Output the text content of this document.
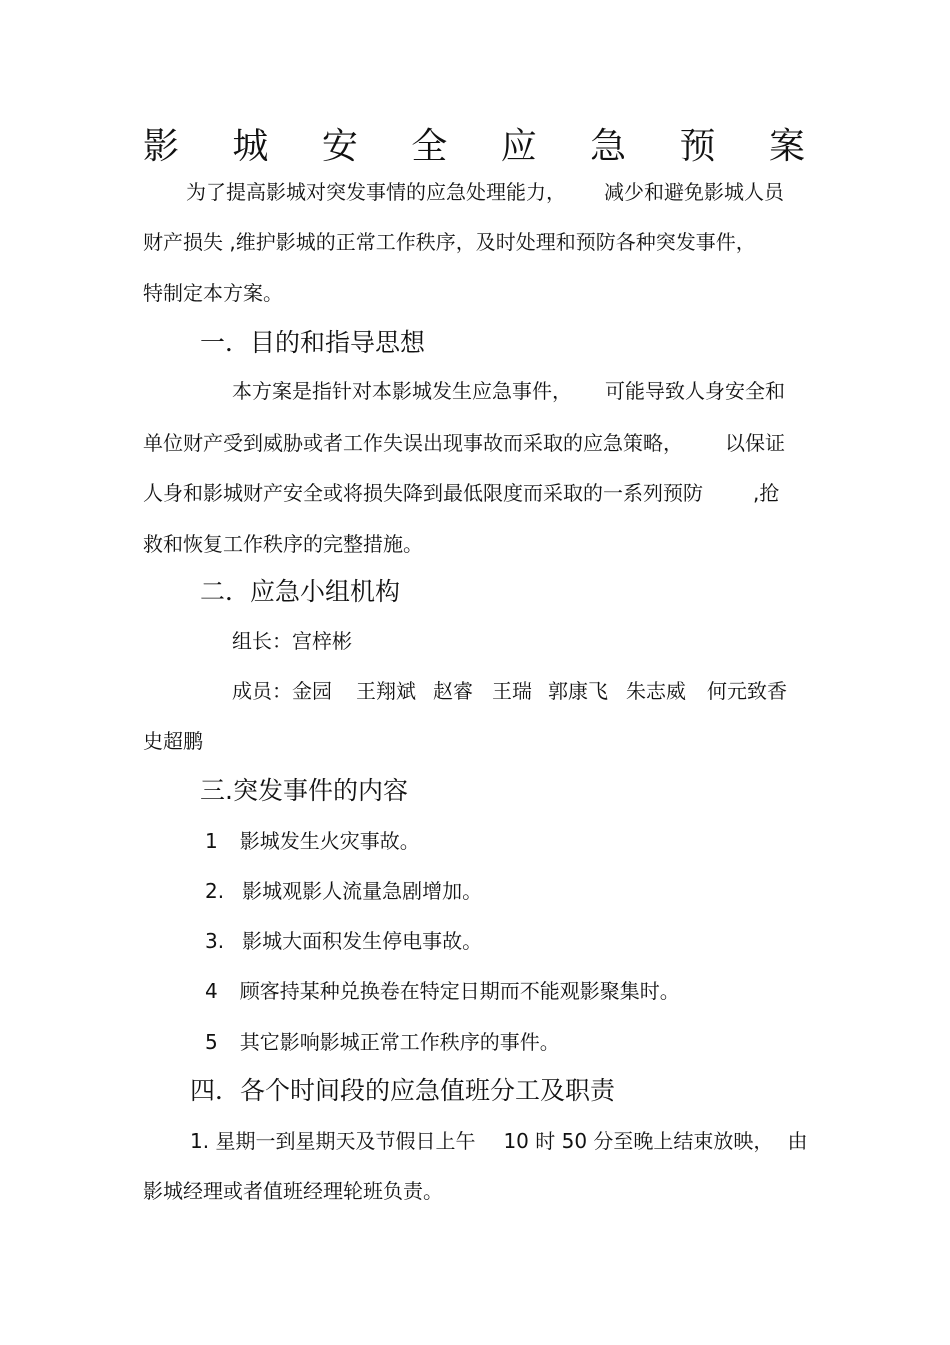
影 城 安 全 应 急 预 案
为了提高影城对突发事情的应急处理能力， 减少和避免影城人员
财产损失 ,维护影城的正常工作秩序，及时处理和预防各种突发事件，
特制定本方案。
一．目的和指导思想
本方案是指针对本影城发生应急事件， 可能导致人身安全和
单位财产受到威胁或者工作失误出现事故而采取的应急策略， 以保证
人身和影城财产安全或将损失降到最低限度而采取的一系列预防	,抢
救和恢复工作秩序的完整措施。
二．应急小组机构
组长：宫梓彬
成员：金园 王翔斌 赵睿 王瑞 郭康飞 朱志威 何元致香
史超鹏
三.突发事件的内容
1 影城发生火灾事故。
2. 影城观影人流量急剧增加。
3. 影城大面积发生停电事故。
4 顾客持某种兑换卷在特定日期而不能观影聚集时。
5 其它影响影城正常工作秩序的事件。
四．各个时间段的应急值班分工及职责
1. 星期一到星期天及节假日上午 10 时 50 分至晚上结束放映， 由
影城经理或者值班经理轮班负责。
